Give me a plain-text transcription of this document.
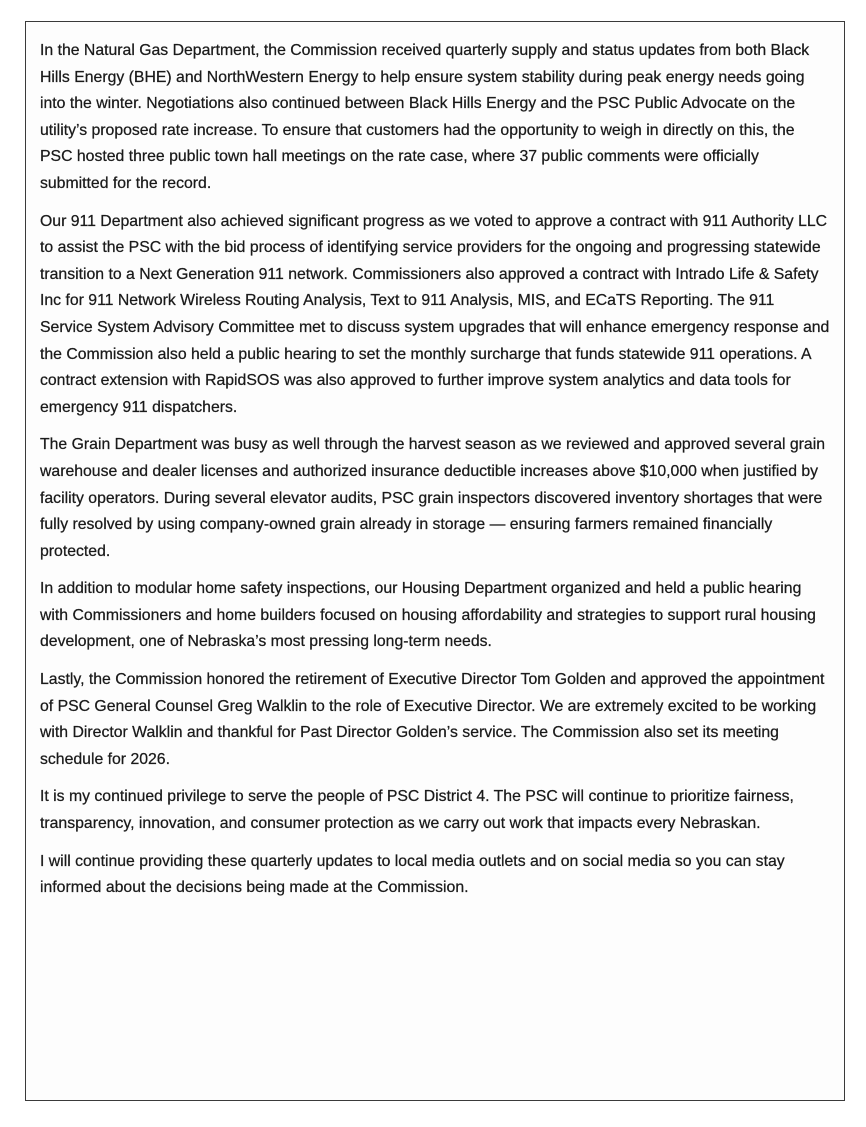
In the Natural Gas Department, the Commission received quarterly supply and status updates from both Black Hills Energy (BHE) and NorthWestern Energy to help ensure system stability during peak energy needs going into the winter. Negotiations also continued between Black Hills Energy and the PSC Public Advocate on the utility’s proposed rate increase. To ensure that customers had the opportunity to weigh in directly on this, the PSC hosted three public town hall meetings on the rate case, where 37 public comments were officially submitted for the record.

Our 911 Department also achieved significant progress as we voted to approve a contract with 911 Authority LLC to assist the PSC with the bid process of identifying service providers for the ongoing and progressing statewide transition to a Next Generation 911 network. Commissioners also approved a contract with Intrado Life & Safety Inc for 911 Network Wireless Routing Analysis, Text to 911 Analysis, MIS, and ECaTS Reporting. The 911 Service System Advisory Committee met to discuss system upgrades that will enhance emergency response and the Commission also held a public hearing to set the monthly surcharge that funds statewide 911 operations. A contract extension with RapidSOS was also approved to further improve system analytics and data tools for emergency 911 dispatchers.

The Grain Department was busy as well through the harvest season as we reviewed and approved several grain warehouse and dealer licenses and authorized insurance deductible increases above $10,000 when justified by facility operators. During several elevator audits, PSC grain inspectors discovered inventory shortages that were fully resolved by using company-owned grain already in storage — ensuring farmers remained financially protected.

In addition to modular home safety inspections, our Housing Department organized and held a public hearing with Commissioners and home builders focused on housing affordability and strategies to support rural housing development, one of Nebraska’s most pressing long-term needs.

Lastly, the Commission honored the retirement of Executive Director Tom Golden and approved the appointment of PSC General Counsel Greg Walklin to the role of Executive Director. We are extremely excited to be working with Director Walklin and thankful for Past Director Golden’s service. The Commission also set its meeting schedule for 2026.

It is my continued privilege to serve the people of PSC District 4. The PSC will continue to prioritize fairness, transparency, innovation, and consumer protection as we carry out work that impacts every Nebraskan.

I will continue providing these quarterly updates to local media outlets and on social media so you can stay informed about the decisions being made at the Commission.
